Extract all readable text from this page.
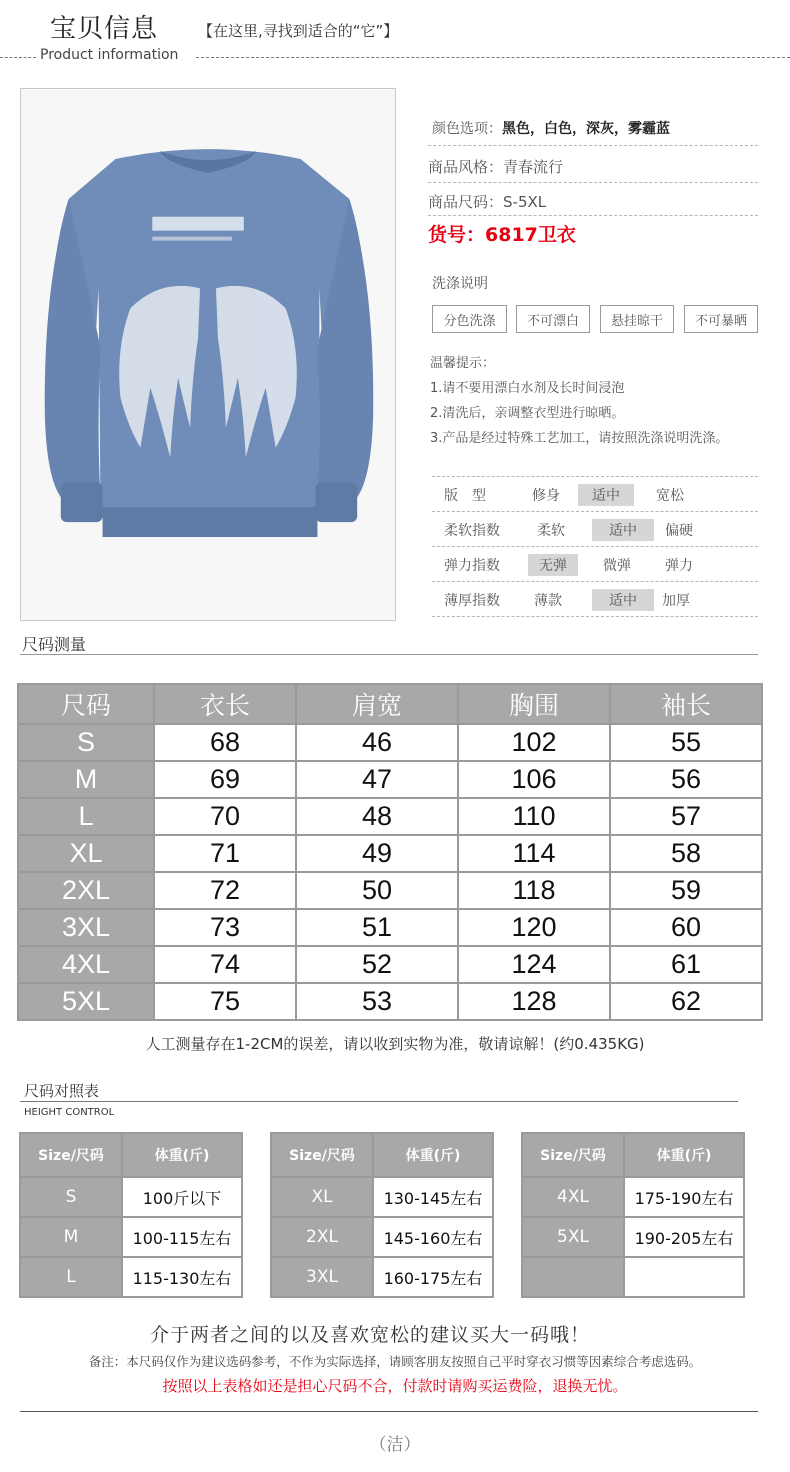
宝贝信息	【在这里,寻找到适合的“它”】
Product information
颜色选项：黑色，白色，深灰，雾霾蓝
商品风格：青春流行
商品尺码：S-5XL
货号：6817卫衣
洗涤说明
分色洗涤	不可漂白	悬挂晾干	不可暴晒
温馨提示：
1.请不要用漂白水剂及长时间浸泡
2.清洗后，亲调整衣型进行晾晒。
3.产品是经过特殊工艺加工，请按照洗涤说明洗涤。
版　型	修身	适中	宽松
柔软指数	柔软	适中	偏硬
弹力指数	无弹	微弹	弹力
薄厚指数	薄款	适中	加厚
尺码测量
尺码	衣长	肩宽	胸围	袖长
S	68	46	102	55
M	69	47	106	56
L	70	48	110	57
XL	71	49	114	58
2XL	72	50	118	59
3XL	73	51	120	60
4XL	74	52	124	61
5XL	75	53	128	62
人工测量存在1-2CM的误差，请以收到实物为准，敬请谅解！(约0.435KG)
尺码对照表
HEIGHT CONTROL
Size/尺码	体重(斤)
S	100斤以下
M	100-115左右
L	115-130左右
Size/尺码	体重(斤)
XL	130-145左右
2XL	145-160左右
3XL	160-175左右
Size/尺码	体重(斤)
4XL	175-190左右
5XL	190-205左右

介于两者之间的以及喜欢宽松的建议买大一码哦！
备注：本尺码仅作为建议选码参考，不作为实际选择，请顾客朋友按照自己平时穿衣习惯等因素综合考虑选码。
按照以上表格如还是担心尺码不合，付款时请购买运费险，退换无忧。
（洁）
